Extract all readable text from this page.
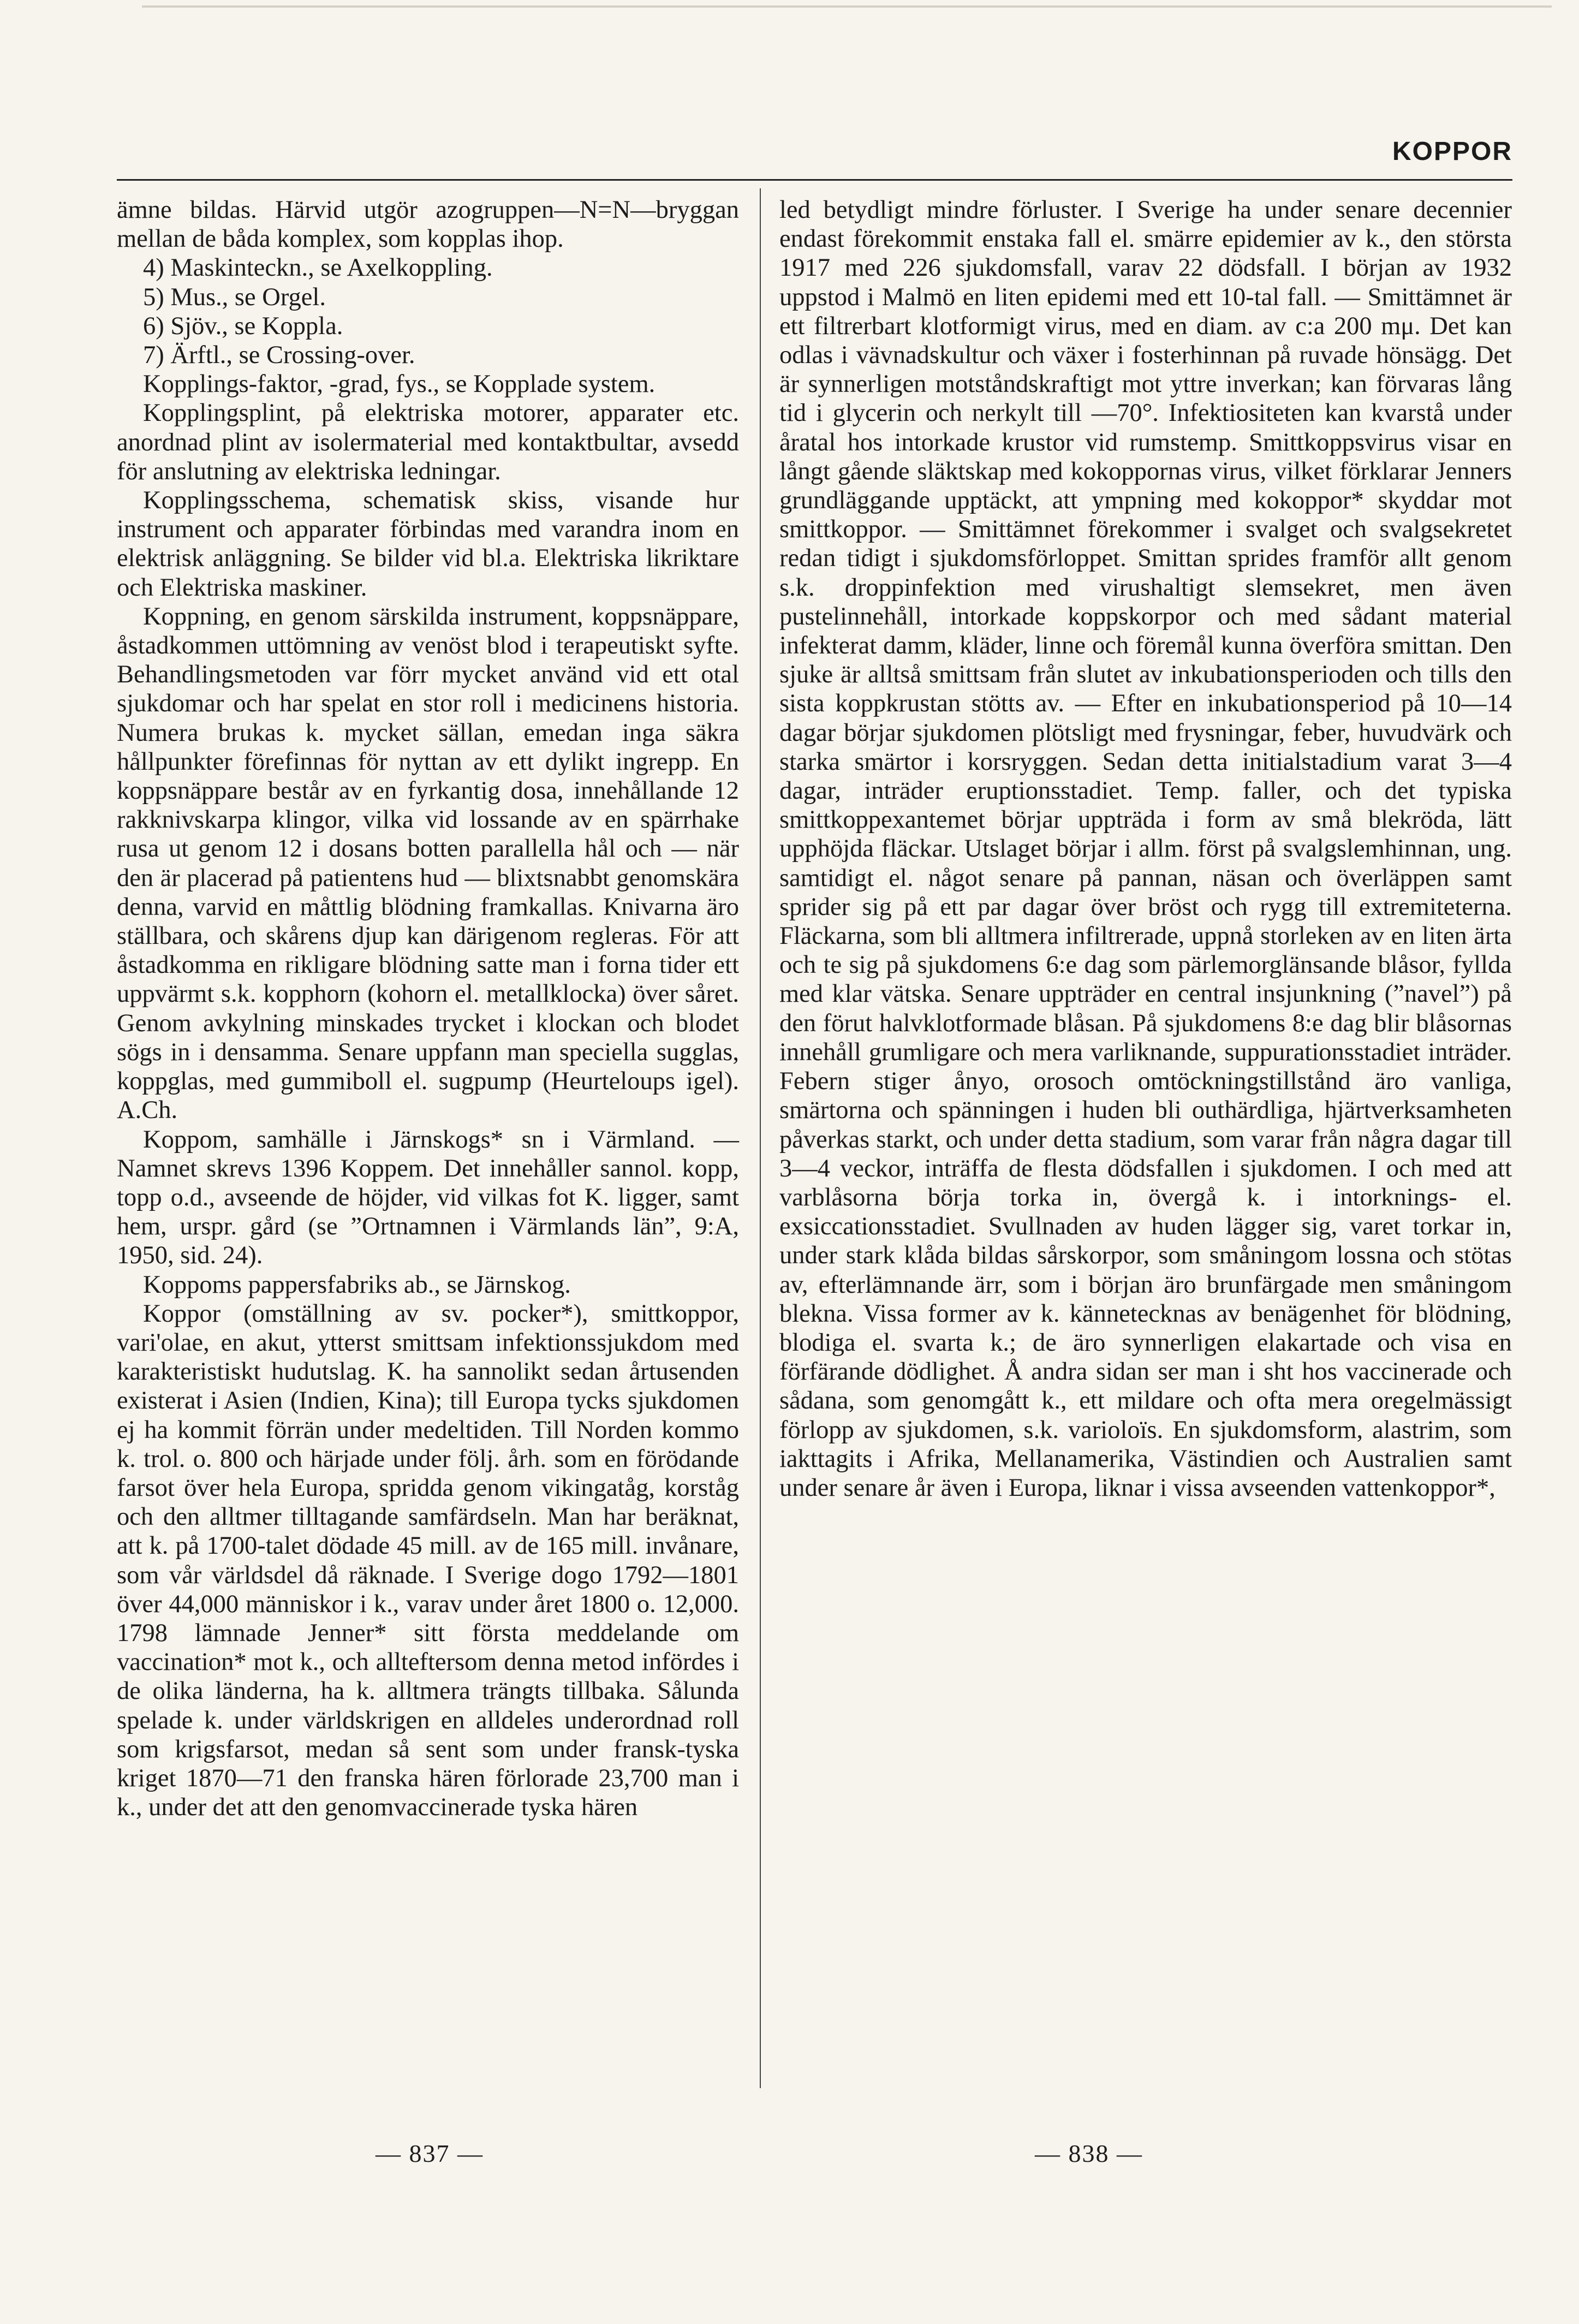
KOPPOR

ämne bildas. Härvid utgör azogruppen—N=N—bryggan mellan de båda komplex, som kopplas ihop.

4) Maskinteckn., se Axelkoppling.

5) Mus., se Orgel.

6) Sjöv., se Koppla.

7) Ärftl., se Crossing-over.

Kopplings-faktor, -grad, fys., se Kopplade system.

Kopplingsplint, på elektriska motorer, apparater etc. anordnad plint av isolermaterial med kontaktbultar, avsedd för anslutning av elektriska ledningar.

Kopplingsschema, schematisk skiss, visande hur instrument och apparater förbindas med varandra inom en elektrisk anläggning. Se bilder vid bl.a. Elektriska likriktare och Elektriska maskiner.

Koppning, en genom särskilda instrument, koppsnäppare, åstadkommen uttömning av venöst blod i terapeutiskt syfte. Behandlingsmetoden var förr mycket använd vid ett otal sjukdomar och har spelat en stor roll i medicinens historia. Numera brukas k. mycket sällan, emedan inga säkra hållpunkter förefinnas för nyttan av ett dylikt ingrepp. En koppsnäppare består av en fyrkantig dosa, innehållande 12 rakknivskarpa klingor, vilka vid lossande av en spärrhake rusa ut genom 12 i dosans botten parallella hål och — när den är placerad på patientens hud — blixtsnabbt genomskära denna, varvid en måttlig blödning framkallas. Knivarna äro ställbara, och skårens djup kan därigenom regleras. För att åstadkomma en rikligare blödning satte man i forna tider ett uppvärmt s.k. kopphorn (kohorn el. metallklocka) över såret. Genom avkylning minskades trycket i klockan och blodet sögs in i densamma. Senare uppfann man speciella sugglas, koppglas, med gummiboll el. sugpump (Heurteloups igel). A.Ch.

Koppom, samhälle i Järnskogs* sn i Värmland. — Namnet skrevs 1396 Koppem. Det innehåller sannol. kopp, topp o.d., avseende de höjder, vid vilkas fot K. ligger, samt hem, urspr. gård (se ”Ortnamnen i Värmlands län”, 9:A, 1950, sid. 24).

Koppoms pappersfabriks ab., se Järnskog.

Koppor (omställning av sv. pocker*), smittkoppor, vari'olae, en akut, ytterst smittsam infektionssjukdom med karakteristiskt hudutslag. K. ha sannolikt sedan årtusenden existerat i Asien (Indien, Kina); till Europa tycks sjukdomen ej ha kommit förrän under medeltiden. Till Norden kommo k. trol. o. 800 och härjade under följ. årh. som en förödande farsot över hela Europa, spridda genom vikingatåg, korståg och den alltmer tilltagande samfärdseln. Man har beräknat, att k. på 1700-talet dödade 45 mill. av de 165 mill. invånare, som vår världsdel då räknade. I Sverige dogo 1792—1801 över 44,000 människor i k., varav under året 1800 o. 12,000. 1798 lämnade Jenner* sitt första meddelande om vaccination* mot k., och allteftersom denna metod infördes i de olika länderna, ha k. alltmera trängts tillbaka. Sålunda spelade k. under världskrigen en alldeles underordnad roll som krigsfarsot, medan så sent som under fransk-tyska kriget 1870—71 den franska hären förlorade 23,700 man i k., under det att den genomvaccinerade tyska hären

led betydligt mindre förluster. I Sverige ha under senare decennier endast förekommit enstaka fall el. smärre epidemier av k., den största 1917 med 226 sjukdomsfall, varav 22 dödsfall. I början av 1932 uppstod i Malmö en liten epidemi med ett 10-tal fall. — Smittämnet är ett filtrerbart klotformigt virus, med en diam. av c:a 200 mμ. Det kan odlas i vävnadskultur och växer i fosterhinnan på ruvade hönsägg. Det är synnerligen motståndskraftigt mot yttre inverkan; kan förvaras lång tid i glycerin och nerkylt till —70°. Infektiositeten kan kvarstå under åratal hos intorkade krustor vid rumstemp. Smittkoppsvirus visar en långt gående släktskap med kokoppornas virus, vilket förklarar Jenners grundläggande upptäckt, att ympning med kokoppor* skyddar mot smittkoppor. — Smittämnet förekommer i svalget och svalgsekretet redan tidigt i sjukdomsförloppet. Smittan sprides framför allt genom s.k. droppinfektion med virushaltigt slemsekret, men även pustelinnehåll, intorkade koppskorpor och med sådant material infekterat damm, kläder, linne och föremål kunna överföra smittan. Den sjuke är alltså smittsam från slutet av inkubationsperioden och tills den sista koppkrustan stötts av. — Efter en inkubationsperiod på 10—14 dagar börjar sjukdomen plötsligt med frysningar, feber, huvudvärk och starka smärtor i korsryggen. Sedan detta initialstadium varat 3—4 dagar, inträder eruptionsstadiet. Temp. faller, och det typiska smittkoppexantemet börjar uppträda i form av små blekröda, lätt upphöjda fläckar. Utslaget börjar i allm. först på svalgslemhinnan, ung. samtidigt el. något senare på pannan, näsan och överläppen samt sprider sig på ett par dagar över bröst och rygg till extremiteterna. Fläckarna, som bli alltmera infiltrerade, uppnå storleken av en liten ärta och te sig på sjukdomens 6:e dag som pärlemorglänsande blåsor, fyllda med klar vätska. Senare uppträder en central insjunkning (”navel”) på den förut halvklotformade blåsan. På sjukdomens 8:e dag blir blåsornas innehåll grumligare och mera varliknande, suppurationsstadiet inträder. Febern stiger ånyo, orosoch omtöckningstillstånd äro vanliga, smärtorna och spänningen i huden bli outhärdliga, hjärtverksamheten påverkas starkt, och under detta stadium, som varar från några dagar till 3—4 veckor, inträffa de flesta dödsfallen i sjukdomen. I och med att varblåsorna börja torka in, övergå k. i intorknings- el. exsiccationsstadiet. Svullnaden av huden lägger sig, varet torkar in, under stark klåda bildas sårskorpor, som småningom lossna och stötas av, efterlämnande ärr, som i början äro brunfärgade men småningom blekna. Vissa former av k. kännetecknas av benägenhet för blödning, blodiga el. svarta k.; de äro synnerligen elakartade och visa en förfärande dödlighet. Å andra sidan ser man i sht hos vaccinerade och sådana, som genomgått k., ett mildare och ofta mera oregelmässigt förlopp av sjukdomen, s.k. varioloïs. En sjukdomsform, alastrim, som iakttagits i Afrika, Mellanamerika, Västindien och Australien samt under senare år även i Europa, liknar i vissa avseenden vattenkoppor*,

— 837 —	— 838 —
